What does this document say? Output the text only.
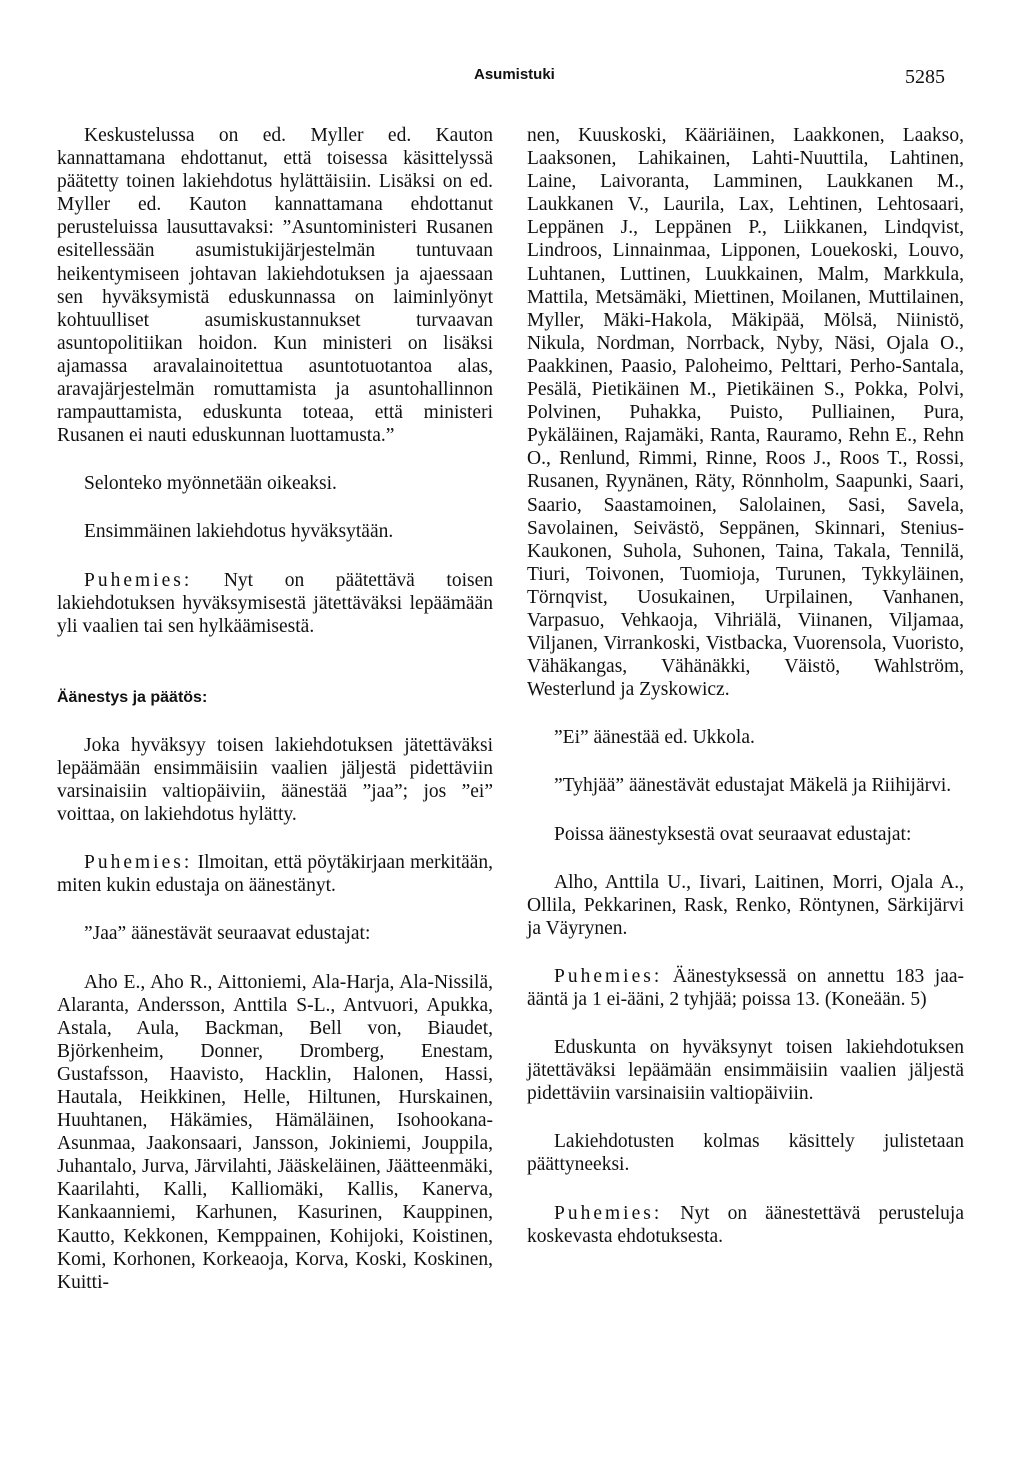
Asumistuki	5285

Keskustelussa on ed. Myller ed. Kauton kannattamana ehdottanut, että toisessa käsittelyssä päätetty toinen lakiehdotus hylättäisiin. Lisäksi on ed. Myller ed. Kauton kannattamana ehdottanut perusteluissa lausuttavaksi: ”Asuntoministeri Rusanen esitellessään asumistukijärjestelmän tuntuvaan heikentymiseen johtavan lakiehdotuksen ja ajaessaan sen hyväksymistä eduskunnassa on laiminlyönyt kohtuulliset asumiskustannukset turvaavan asuntopolitiikan hoidon. Kun ministeri on lisäksi ajamassa aravalainoitettua asuntotuotantoa alas, aravajärjestelmän romuttamista ja asuntohallinnon rampauttamista, eduskunta toteaa, että ministeri Rusanen ei nauti eduskunnan luottamusta.”

Selonteko myönnetään oikeaksi.

Ensimmäinen lakiehdotus hyväksytään.

Puhemies: Nyt on päätettävä toisen lakiehdotuksen hyväksymisestä jätettäväksi lepäämään yli vaalien tai sen hylkäämisestä.

Äänestys ja päätös:

Joka hyväksyy toisen lakiehdotuksen jätettäväksi lepäämään ensimmäisiin vaalien jäljestä pidettäviin varsinaisiin valtiopäiviin, äänestää ”jaa”; jos ”ei” voittaa, on lakiehdotus hylätty.

Puhemies: Ilmoitan, että pöytäkirjaan merkitään, miten kukin edustaja on äänestänyt.

”Jaa” äänestävät seuraavat edustajat:

Aho E., Aho R., Aittoniemi, Ala-Harja, Ala-Nissilä, Alaranta, Andersson, Anttila S-L., Antvuori, Apukka, Astala, Aula, Backman, Bell von, Biaudet, Björkenheim, Donner, Dromberg, Enestam, Gustafsson, Haavisto, Hacklin, Halonen, Hassi, Hautala, Heikkinen, Helle, Hiltunen, Hurskainen, Huuhtanen, Häkämies, Hämäläinen, Isohookana-Asunmaa, Jaakonsaari, Jansson, Jokiniemi, Jouppila, Juhantalo, Jurva, Järvilahti, Jääskeläinen, Jäätteenmäki, Kaarilahti, Kalli, Kalliomäki, Kallis, Kanerva, Kankaanniemi, Karhunen, Kasurinen, Kauppinen, Kautto, Kekkonen, Kemppainen, Kohijoki, Koistinen, Komi, Korhonen, Korkeaoja, Korva, Koski, Koskinen, Kuitti-

nen, Kuuskoski, Kääriäinen, Laakkonen, Laakso, Laaksonen, Lahikainen, Lahti-Nuuttila, Lahtinen, Laine, Laivoranta, Lamminen, Laukkanen M., Laukkanen V., Laurila, Lax, Lehtinen, Lehtosaari, Leppänen J., Leppänen P., Liikkanen, Lindqvist, Lindroos, Linnainmaa, Lipponen, Louekoski, Louvo, Luhtanen, Luttinen, Luukkainen, Malm, Markkula, Mattila, Metsämäki, Miettinen, Moilanen, Muttilainen, Myller, Mäki-Hakola, Mäkipää, Mölsä, Niinistö, Nikula, Nordman, Norrback, Nyby, Näsi, Ojala O., Paakkinen, Paasio, Paloheimo, Pelttari, Perho-Santala, Pesälä, Pietikäinen M., Pietikäinen S., Pokka, Polvi, Polvinen, Puhakka, Puisto, Pulliainen, Pura, Pykäläinen, Rajamäki, Ranta, Rauramo, Rehn E., Rehn O., Renlund, Rimmi, Rinne, Roos J., Roos T., Rossi, Rusanen, Ryynänen, Räty, Rönnholm, Saapunki, Saari, Saario, Saastamoinen, Salolainen, Sasi, Savela, Savolainen, Seivästö, Seppänen, Skinnari, Stenius-Kaukonen, Suhola, Suhonen, Taina, Takala, Tennilä, Tiuri, Toivonen, Tuomioja, Turunen, Tykkyläinen, Törnqvist, Uosukainen, Urpilainen, Vanhanen, Varpasuo, Vehkaoja, Vihriälä, Viinanen, Viljamaa, Viljanen, Virrankoski, Vistbacka, Vuorensola, Vuoristo, Vähäkangas, Vähänäkki, Väistö, Wahlström, Westerlund ja Zyskowicz.

”Ei” äänestää ed. Ukkola.

”Tyhjää” äänestävät edustajat Mäkelä ja Riihijärvi.

Poissa äänestyksestä ovat seuraavat edustajat:

Alho, Anttila U., Iivari, Laitinen, Morri, Ojala A., Ollila, Pekkarinen, Rask, Renko, Röntynen, Särkijärvi ja Väyrynen.

Puhemies: Äänestyksessä on annettu 183 jaa-ääntä ja 1 ei-ääni, 2 tyhjää; poissa 13. (Koneään. 5)

Eduskunta on hyväksynyt toisen lakiehdotuksen jätettäväksi lepäämään ensimmäisiin vaalien jäljestä pidettäviin varsinaisiin valtiopäiviin.

Lakiehdotusten kolmas käsittely julistetaan päättyneeksi.

Puhemies: Nyt on äänestettävä perusteluja koskevasta ehdotuksesta.
